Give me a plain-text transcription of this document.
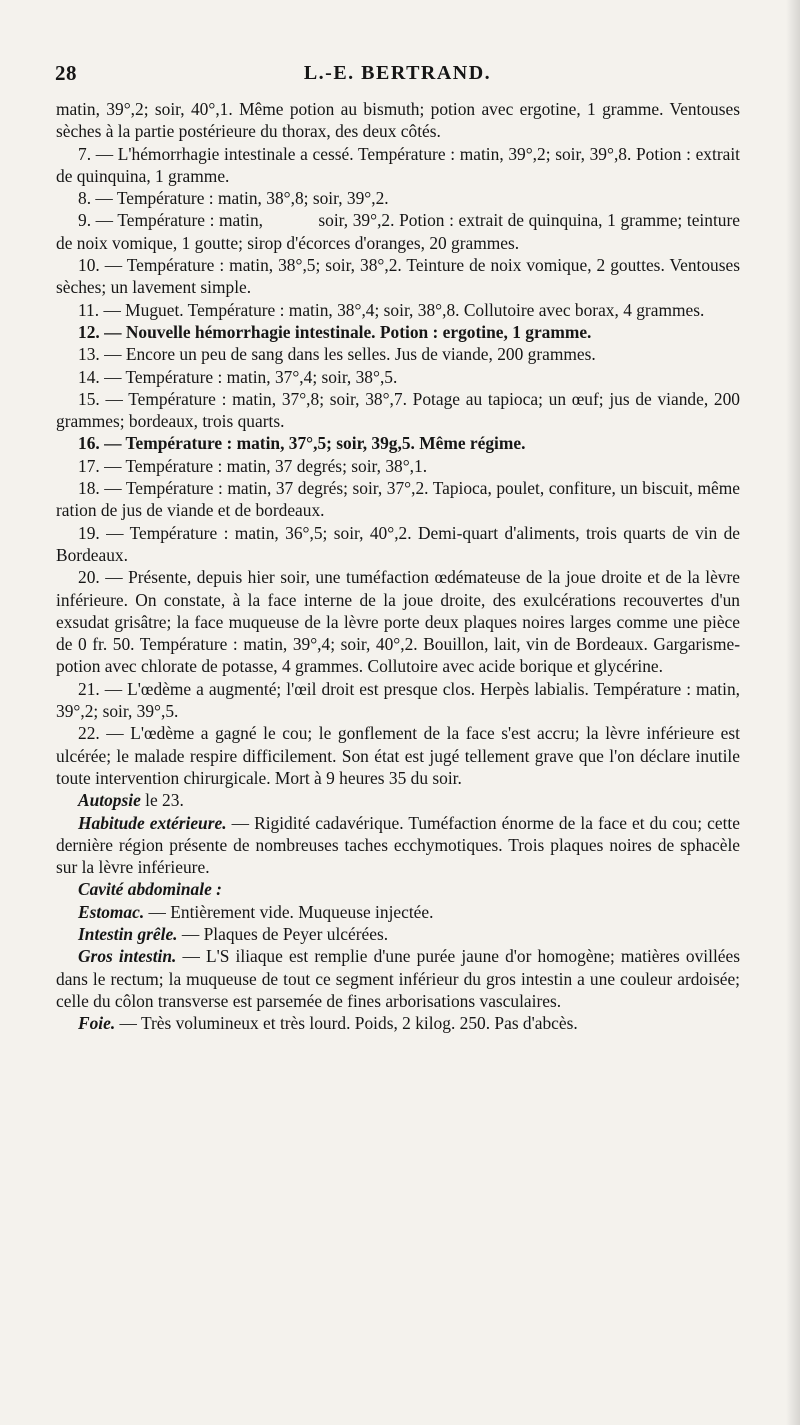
28	L.-E. BERTRAND.

matin, 39°,2; soir, 40°,1. Même potion au bismuth; potion avec ergotine, 1 gramme. Ventouses sèches à la partie postérieure du thorax, des deux côtés.

7. — L'hémorrhagie intestinale a cessé. Température : matin, 39°,2; soir, 39°,8. Potion : extrait de quinquina, 1 gramme.

8. — Température : matin, 38°,8; soir, 39°,2.

9. — Température : matin,            soir, 39°,2. Potion : extrait de quinquina, 1 gramme; teinture de noix vomique, 1 goutte; sirop d'écorces d'oranges, 20 grammes.

10. — Température : matin, 38°,5; soir, 38°,2. Teinture de noix vomique, 2 gouttes. Ventouses sèches; un lavement simple.

11. — Muguet. Température : matin, 38°,4; soir, 38°,8. Collutoire avec borax, 4 grammes.

12. — Nouvelle hémorrhagie intestinale. Potion : ergotine, 1 gramme.

13. — Encore un peu de sang dans les selles. Jus de viande, 200 grammes.

14. — Température : matin, 37°,4; soir, 38°,5.

15. — Température : matin, 37°,8; soir, 38°,7. Potage au tapioca; un œuf; jus de viande, 200 grammes; bordeaux, trois quarts.

16. — Température : matin, 37°,5; soir, 39g,5. Même régime.

17. — Température : matin, 37 degrés; soir, 38°,1.

18. — Température : matin, 37 degrés; soir, 37°,2. Tapioca, poulet, confiture, un biscuit, même ration de jus de viande et de bordeaux.

19. — Température : matin, 36°,5; soir, 40°,2. Demi-quart d'aliments, trois quarts de vin de Bordeaux.

20. — Présente, depuis hier soir, une tuméfaction œdémateuse de la joue droite et de la lèvre inférieure. On constate, à la face interne de la joue droite, des exulcérations recouvertes d'un exsudat grisâtre; la face muqueuse de la lèvre porte deux plaques noires larges comme une pièce de 0 fr. 50. Température : matin, 39°,4; soir, 40°,2. Bouillon, lait, vin de Bordeaux. Gargarisme-potion avec chlorate de potasse, 4 grammes. Collutoire avec acide borique et glycérine.

21. — L'œdème a augmenté; l'œil droit est presque clos. Herpès labialis. Température : matin, 39°,2; soir, 39°,5.

22. — L'œdème a gagné le cou; le gonflement de la face s'est accru; la lèvre inférieure est ulcérée; le malade respire difficilement. Son état est jugé tellement grave que l'on déclare inutile toute intervention chirurgicale. Mort à 9 heures 35 du soir.

Autopsie le 23.

Habitude extérieure. — Rigidité cadavérique. Tuméfaction énorme de la face et du cou; cette dernière région présente de nombreuses taches ecchymotiques. Trois plaques noires de sphacèle sur la lèvre inférieure.

Cavité abdominale :

Estomac. — Entièrement vide. Muqueuse injectée.

Intestin grêle. — Plaques de Peyer ulcérées.

Gros intestin. — L'S iliaque est remplie d'une purée jaune d'or homogène; matières ovillées dans le rectum; la muqueuse de tout ce segment inférieur du gros intestin a une couleur ardoisée; celle du côlon transverse est parsemée de fines arborisations vasculaires.

Foie. — Très volumineux et très lourd. Poids, 2 kilog. 250. Pas d'abcès.
